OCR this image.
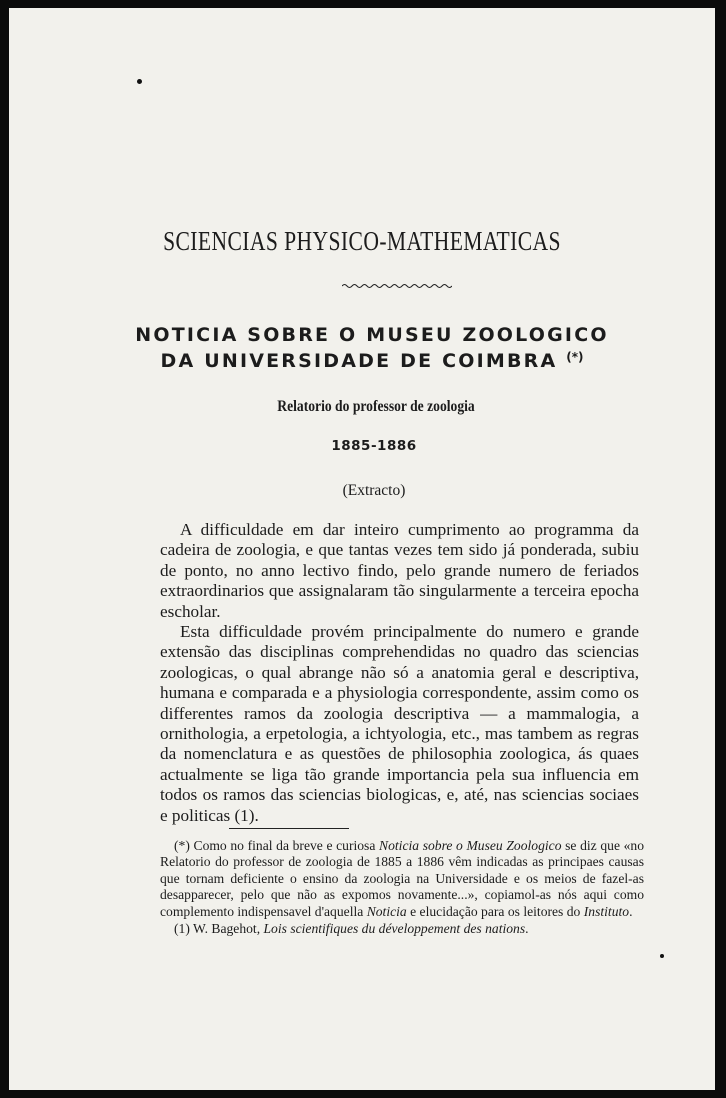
SCIENCIAS PHYSICO-MATHEMATICAS
NOTICIA SOBRE O MUSEU ZOOLOGICO
DA UNIVERSIDADE DE COIMBRA (*)
Relatorio do professor de zoologia
1885-1886
(Extracto)

A difficuldade em dar inteiro cumprimento ao programma da cadeira de zoologia, e que tantas vezes tem sido já ponderada, subiu de ponto, no anno lectivo findo, pelo grande numero de feriados extraordinarios que assignalaram tão singularmente a terceira epocha escholar.

Esta difficuldade provém principalmente do numero e grande extensão das disciplinas comprehendidas no quadro das sciencias zoologicas, o qual abrange não só a anatomia geral e descriptiva, humana e comparada e a physiologia correspondente, assim como os differentes ramos da zoologia descriptiva — a mammalogia, a ornithologia, a erpetologia, a ichtyologia, etc., mas tambem as regras da nomenclatura e as questões de philosophia zoologica, ás quaes actualmente se liga tão grande importancia pela sua influencia em todos os ramos das sciencias biologicas, e, até, nas sciencias sociaes e politicas (1).

(*) Como no final da breve e curiosa Noticia sobre o Museu Zoologico se diz que «no Relatorio do professor de zoologia de 1885 a 1886 vêm indicadas as principaes causas que tornam deficiente o ensino da zoologia na Universidade e os meios de fazel-as desapparecer, pelo que não as expomos novamente...», copiamol-as nós aqui como complemento indispensavel d'aquella Noticia e elucidação para os leitores do Instituto.

(1) W. Bagehot, Lois scientifiques du développement des nations.
